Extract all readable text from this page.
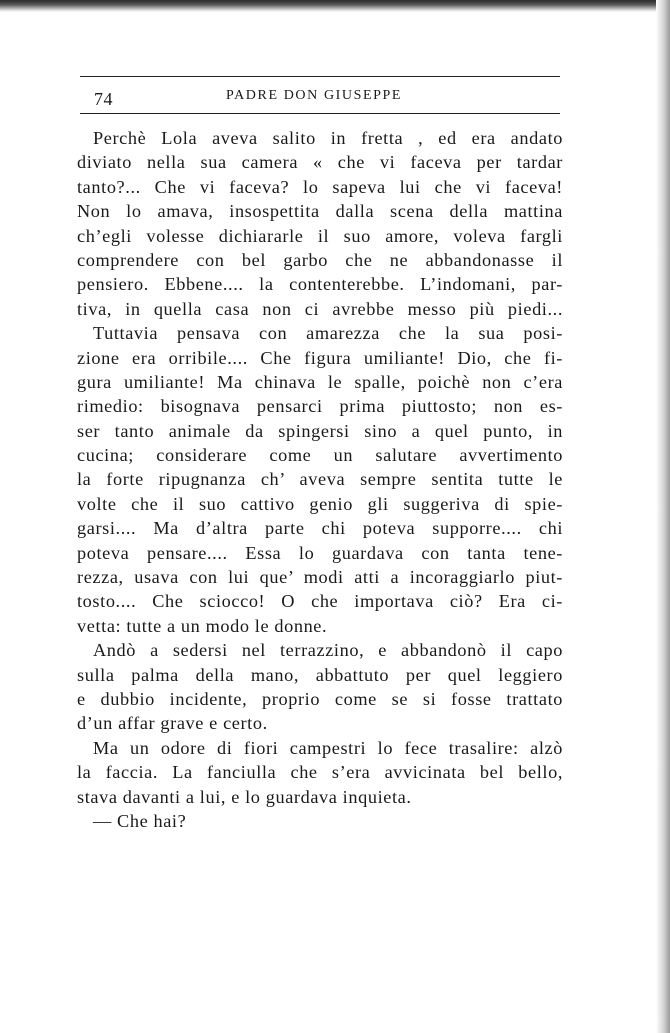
74	PADRE DON GIUSEPPE
Perchè Lola aveva salito in fretta , ed era andato
diviato nella sua camera « che vi faceva per tardar
tanto?... Che vi faceva? lo sapeva lui che vi faceva!
Non lo amava, insospettita dalla scena della mattina
ch’egli volesse dichiararle il suo amore, voleva fargli
comprendere con bel garbo che ne abbandonasse il
pensiero. Ebbene.... la contenterebbe. L’indomani, par-
tiva, in quella casa non ci avrebbe messo più piedi...
Tuttavia pensava con amarezza che la sua posi-
zione era orribile.... Che figura umiliante! Dio, che fi-
gura umiliante! Ma chinava le spalle, poichè non c’era
rimedio: bisognava pensarci prima piuttosto; non es-
ser tanto animale da spingersi sino a quel punto, in
cucina; considerare come un salutare avvertimento
la forte ripugnanza ch’ aveva sempre sentita tutte le
volte che il suo cattivo genio gli suggeriva di spie-
garsi.... Ma d’altra parte chi poteva supporre.... chi
poteva pensare.... Essa lo guardava con tanta tene-
rezza, usava con lui que’ modi atti a incoraggiarlo piut-
tosto.... Che sciocco! O che importava ciò? Era ci-
vetta: tutte a un modo le donne.
Andò a sedersi nel terrazzino, e abbandonò il capo
sulla palma della mano, abbattuto per quel leggiero
e dubbio incidente, proprio come se si fosse trattato
d’un affar grave e certo.
Ma un odore di fiori campestri lo fece trasalire: alzò
la faccia. La fanciulla che s’era avvicinata bel bello,
stava davanti a lui, e lo guardava inquieta.
— Che hai?
